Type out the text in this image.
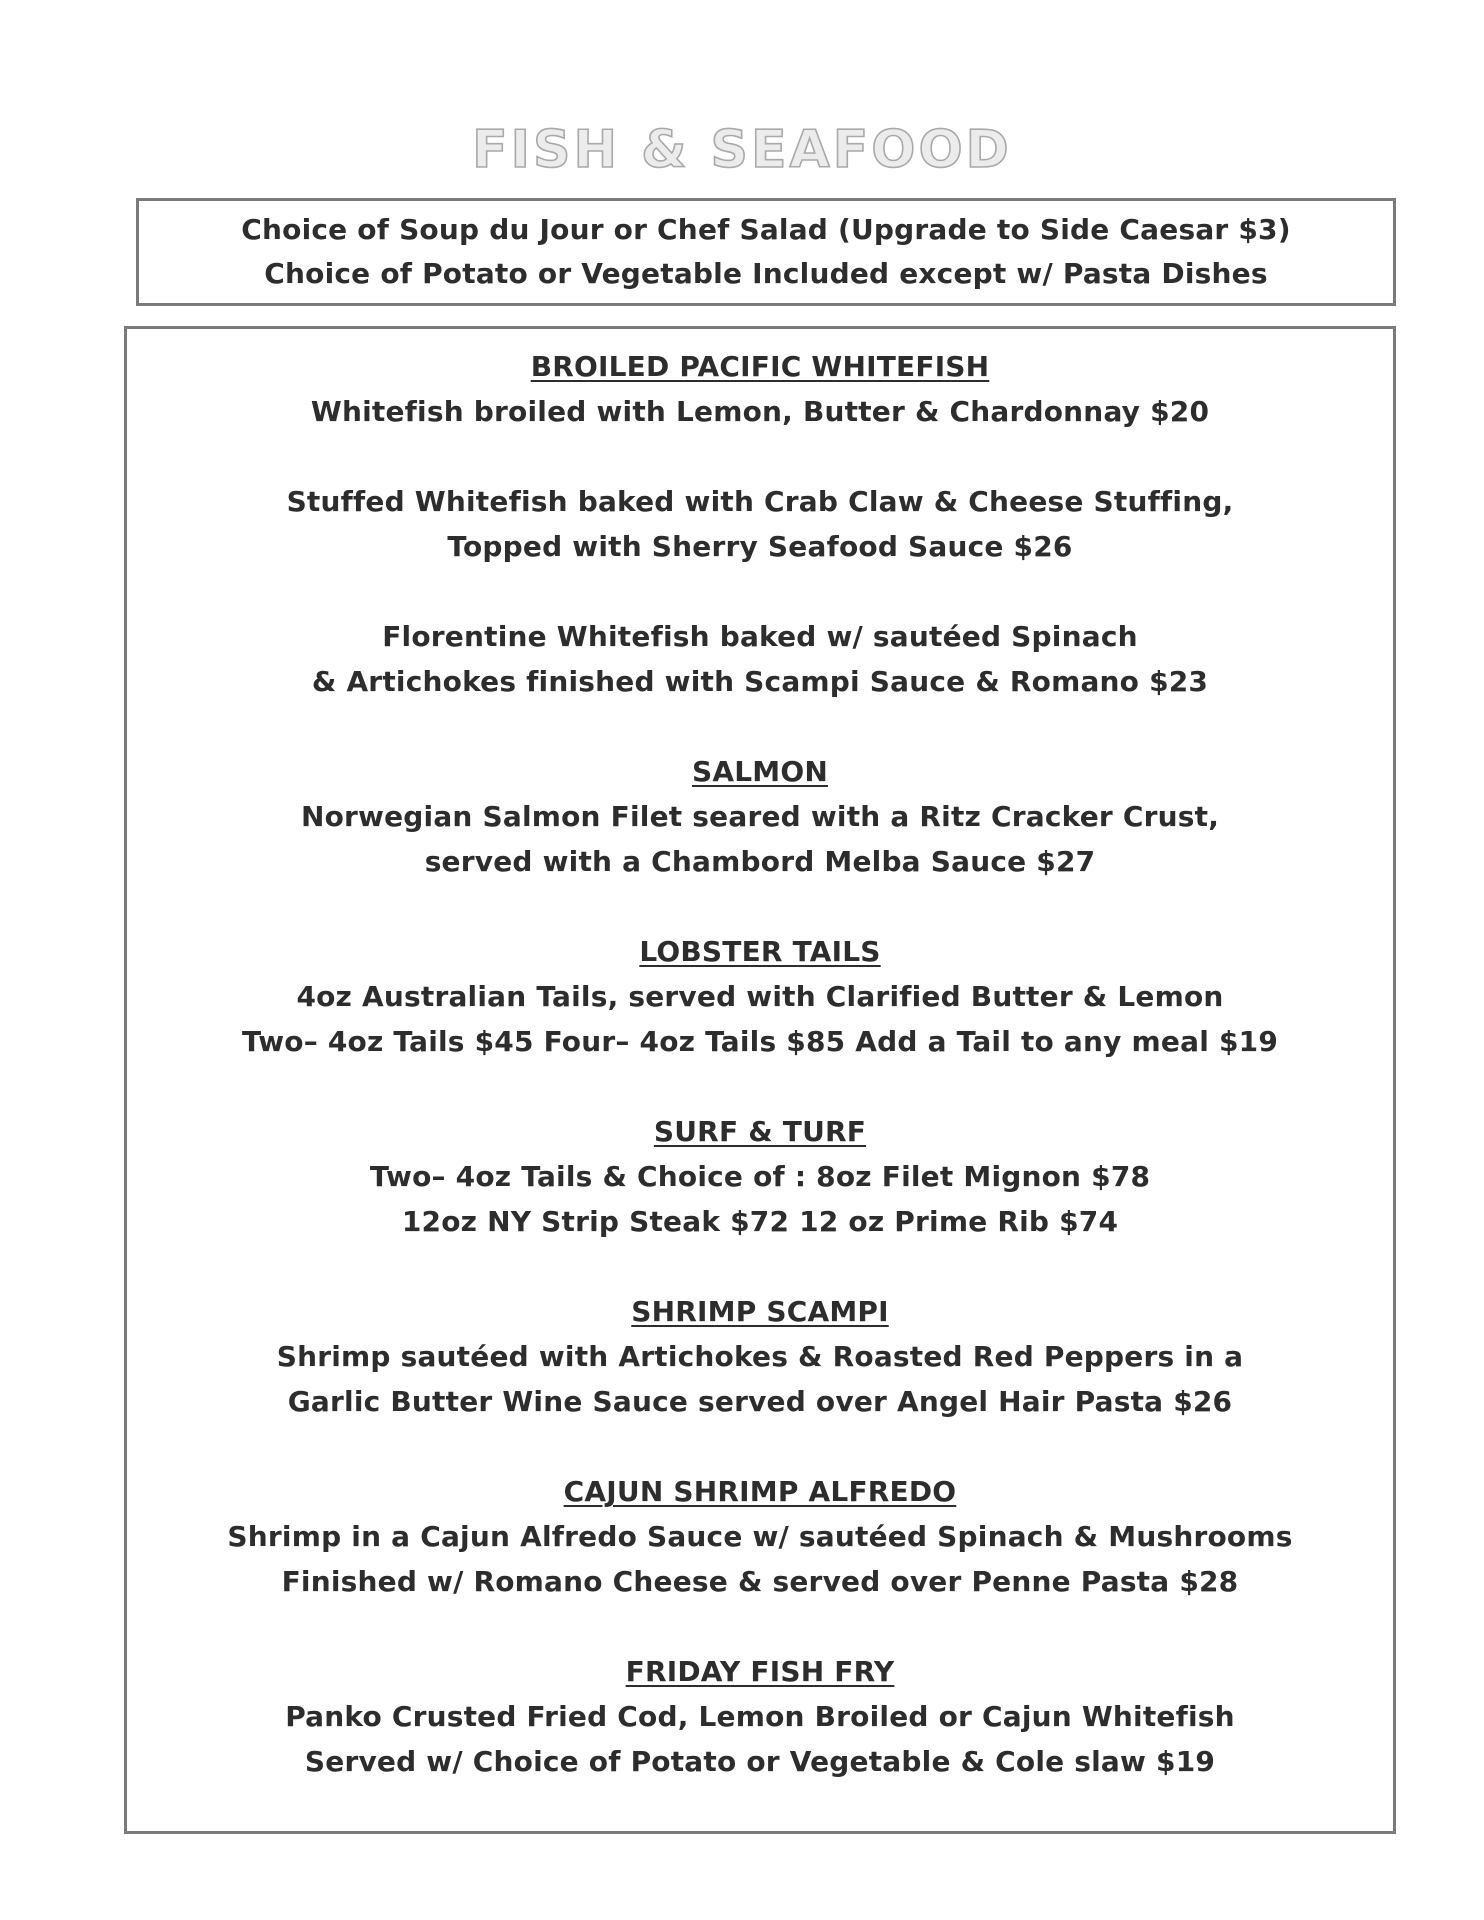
FISH & SEAFOOD
Choice of Soup du Jour or Chef Salad (Upgrade to Side Caesar $3)
Choice of Potato or Vegetable Included except w/ Pasta Dishes
BROILED PACIFIC WHITEFISH
Whitefish broiled with Lemon, Butter & Chardonnay $20
Stuffed Whitefish baked with Crab Claw & Cheese Stuffing,
Topped with Sherry Seafood Sauce $26
Florentine Whitefish baked w/ sautéed Spinach
& Artichokes finished with Scampi Sauce & Romano $23
SALMON
Norwegian Salmon Filet seared with a Ritz Cracker Crust,
served with a Chambord Melba Sauce $27
LOBSTER TAILS
4oz Australian Tails, served with Clarified Butter & Lemon
Two– 4oz Tails $45 Four– 4oz Tails $85 Add a Tail to any meal $19
SURF & TURF
Two– 4oz Tails & Choice of : 8oz Filet Mignon $78
12oz NY Strip Steak $72 12 oz Prime Rib $74
SHRIMP SCAMPI
Shrimp sautéed with Artichokes & Roasted Red Peppers in a
Garlic Butter Wine Sauce served over Angel Hair Pasta $26
CAJUN SHRIMP ALFREDO
Shrimp in a Cajun Alfredo Sauce w/ sautéed Spinach & Mushrooms
Finished w/ Romano Cheese & served over Penne Pasta $28
FRIDAY FISH FRY
Panko Crusted Fried Cod, Lemon Broiled or Cajun Whitefish
Served w/ Choice of Potato or Vegetable & Cole slaw $19
